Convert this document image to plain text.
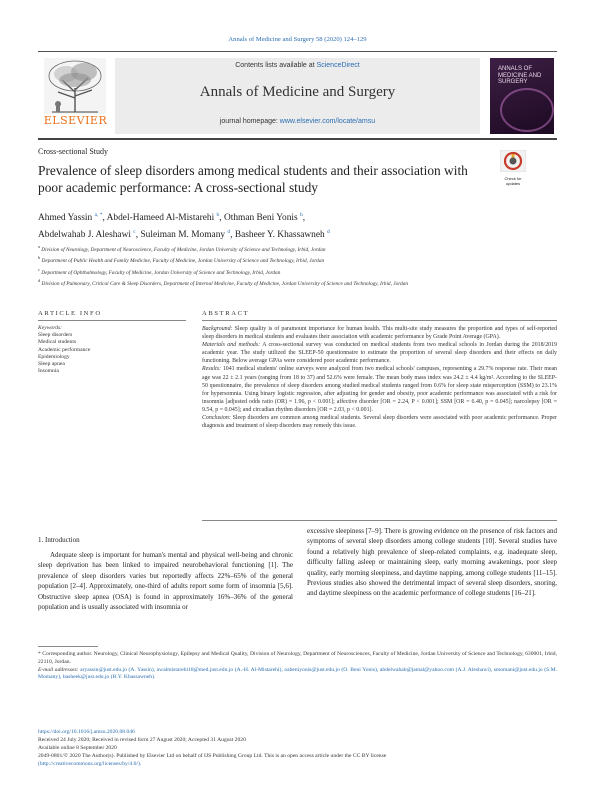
Annals of Medicine and Surgery 58 (2020) 124–129
ELSEVIER
Contents lists available at ScienceDirect
Annals of Medicine and Surgery
journal homepage: www.elsevier.com/locate/amsu
ANNALS OF MEDICINE AND SURGERY
Cross-sectional Study
Check for updates
Prevalence of sleep disorders among medical students and their association with poor academic performance: A cross-sectional study
Ahmed Yassin $^{a, *}$, Abdel-Hameed Al-Mistarehi $^b$, Othman Beni Yonis $^b$,
Abdelwahab J. Aleshawi $^c$, Suleiman M. Momany $^d$, Basheer Y. Khassawneh $^d$
$^a$ Division of Neurology, Department of Neuroscience, Faculty of Medicine, Jordan University of Science and Technology, Irbid, Jordan
$^b$ Department of Public Health and Family Medicine, Faculty of Medicine, Jordan University of Science and Technology, Irbid, Jordan
$^c$ Department of Ophthalmology, Faculty of Medicine, Jordan University of Science and Technology, Irbid, Jordan
$^d$ Division of Pulmonary, Critical Care & Sleep Disorders, Department of Internal Medicine, Faculty of Medicine, Jordan University of Science and Technology, Irbid, Jordan
ARTICLE INFO	ABSTRACT
Keywords:
Sleep disorders
Medical students
Academic performance
Epidemiology
Sleep apnea
Insomnia

Background: Sleep quality is of paramount importance for human health. This multi-site study measures the proportion and types of self-reported sleep disorders in medical students and evaluates their association with academic performance by Grade Point Average (GPA).

Materials and methods: A cross-sectional survey was conducted on medical students from two medical schools in Jordan during the 2018/2019 academic year. The study utilized the SLEEP-50 questionnaire to estimate the proportion of several sleep disorders and their effects on daily functioning. Below average GPAs were considered poor academic performance.

Results: 1041 medical students' online surveys were analyzed from two medical schools' campuses, representing a 29.7% response rate. Their mean age was 22 ± 2.1 years (ranging from 18 to 37) and 52.6% were female. The mean body mass index was 24.2 ± 4.4 kg/m². According to the SLEEP-50 questionnaire, the prevalence of sleep disorders among studied medical students ranged from 0.6% for sleep state misperception (SSM) to 23.1% for hypersomnia. Using binary logistic regression, after adjusting for gender and obesity, poor academic performance was associated with a risk for insomnia [adjusted odds ratio (OR) = 1.96, p < 0.001]; affective disorder [OR = 2.24, P < 0.001]; SSM [OR = 6.40, p = 0.045]; narcolepsy [OR = 9.54, p = 0.045]; and circadian rhythm disorders [OR = 2.03, p < 0.001].

Conclusion: Sleep disorders are common among medical students. Several sleep disorders were associated with poor academic performance. Proper diagnosis and treatment of sleep disorders may remedy this issue.

1. Introduction

Adequate sleep is important for human's mental and physical well-being and chronic sleep deprivation has been linked to impaired neurobehavioral functioning [1]. The prevalence of sleep disorders varies but reportedly affects 22%–65% of the general population [2–4]. Approximately, one-third of adults report some form of insomnia [5,6]. Obstructive sleep apnea (OSA) is found in approximately 16%–36% of the general population and is usually associated with insomnia or

excessive sleepiness [7–9]. There is growing evidence on the presence of risk factors and symptoms of several sleep disorders among college students [10]. Several studies have found a relatively high prevalence of sleep-related complaints, e.g. inadequate sleep, difficulty falling asleep or maintaining sleep, early morning awakenings, poor sleep quality, early morning sleepiness, and daytime napping, among college students [11–15]. Previous studies also showed the detrimental impact of several sleep disorders, snoring, and daytime sleepiness on the academic performance of college students [16–21].

* Corresponding author. Neurology, Clinical Neurophysiology, Epilepsy and Medical Quality, Division of Neurology, Department of Neurosciences, Faculty of Medicine, Jordan University of Science and Technology, 630001, Irbid, 22110, Jordan.

E-mail addresses: aryassin@just.edu.jo (A. Yassin), awalmistarehi18@med.just.edu.jo (A.-H. Al-Mistarehi), oabeniyonis@just.edu.jo (O. Beni Yonis), abdelwahab@jamal@yahoo.com (A.J. Aleshawi), smomani@just.edu.jo (S.M. Momany), basheek@just.edu.jo (B.Y. Khassawneh).

https://doi.org/10.1016/j.amsu.2020.08.046

Received 24 July 2020; Received in revised form 27 August 2020; Accepted 31 August 2020

Available online 8 September 2020

2049-0801/© 2020 The Author(s). Published by Elsevier Ltd on behalf of IJS Publishing Group Ltd. This is an open access article under the CC BY license

(http://creativecommons.org/licenses/by/4.0/).
